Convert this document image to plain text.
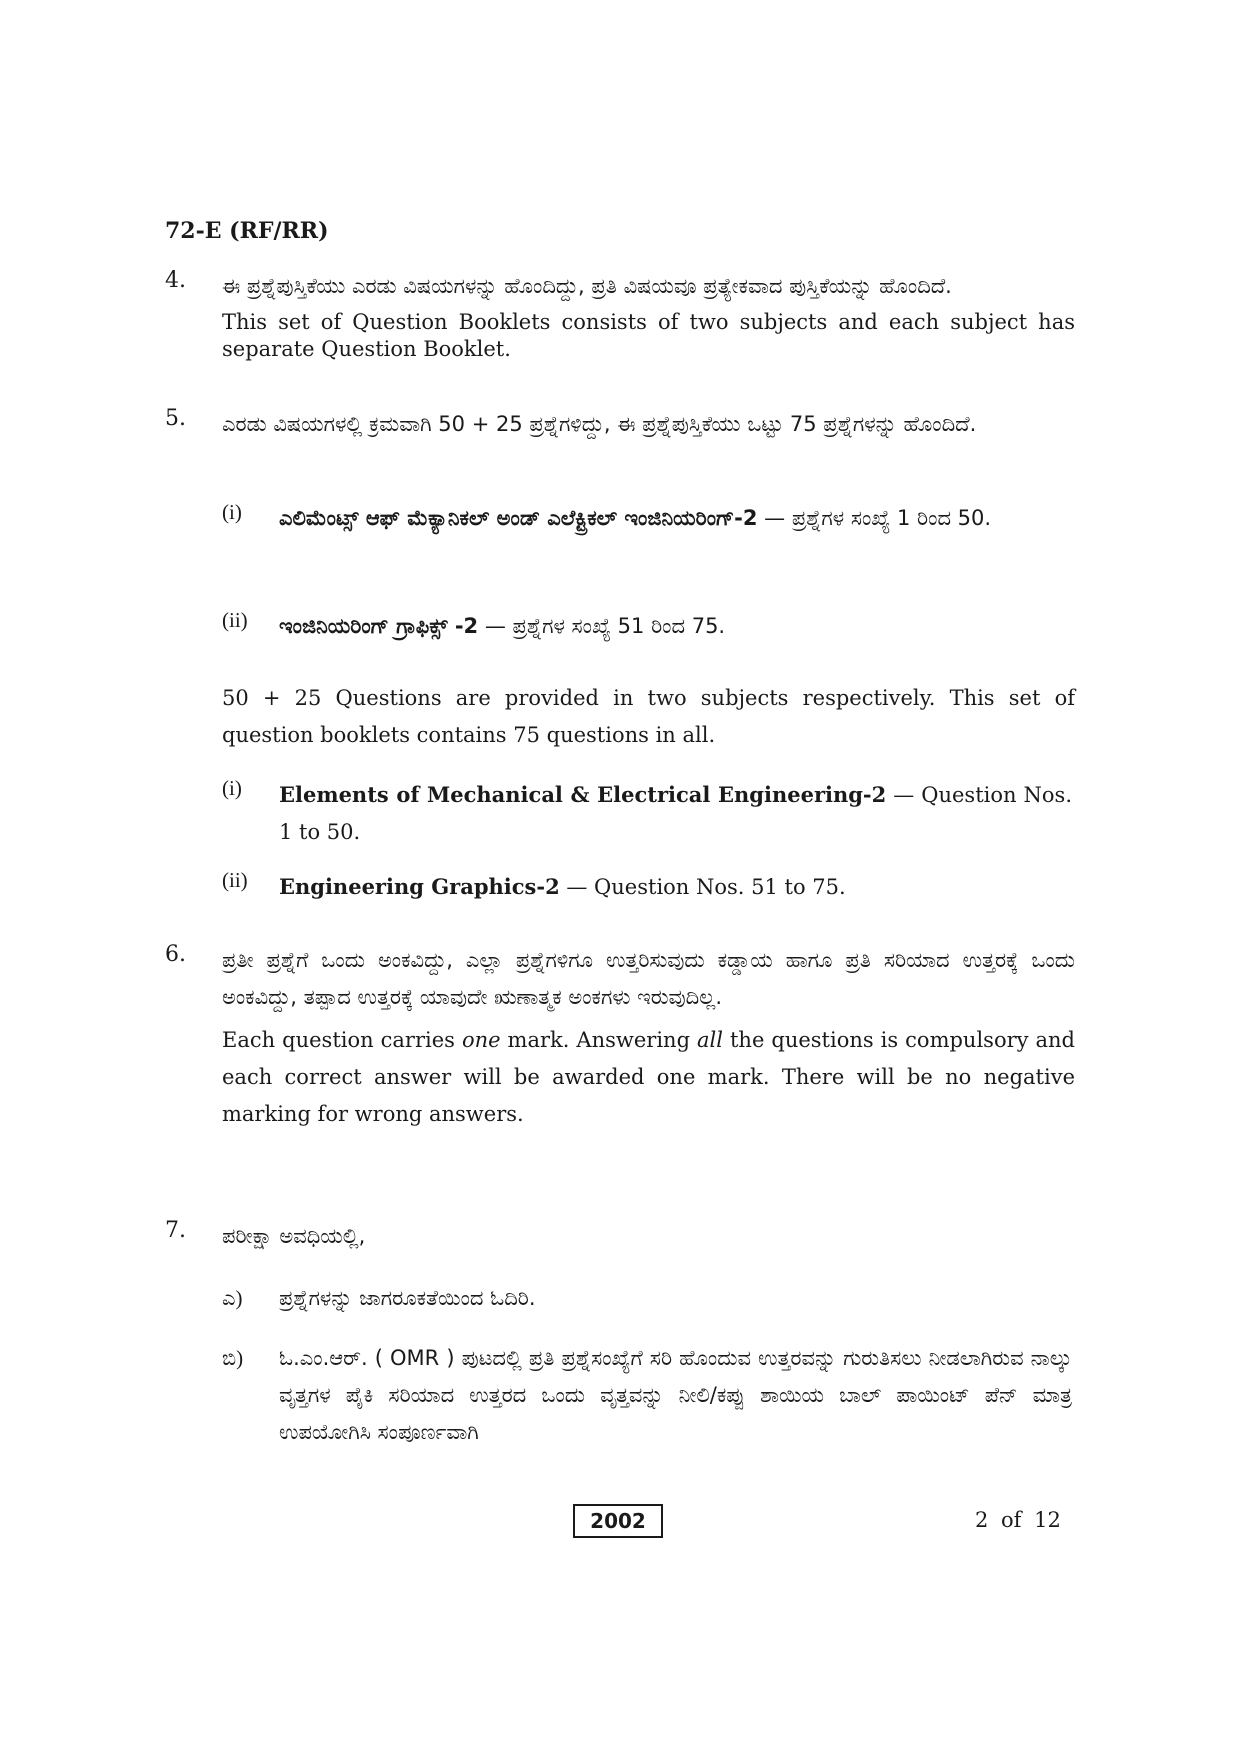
72-E (RF/RR)
4. ಈ ಪ್ರಶ್ನೆಪುಸ್ತಿಕೆಯು ಎರಡು ವಿಷಯಗಳನ್ನು ಹೊಂದಿದ್ದು, ಪ್ರತಿ ವಿಷಯವೂ ಪ್ರತ್ಯೇಕವಾದ ಪುಸ್ತಿಕೆಯನ್ನು ಹೊಂದಿದೆ.
This set of Question Booklets consists of two subjects and each subject has separate Question Booklet.
5. ಎರಡು ವಿಷಯಗಳಲ್ಲಿ ಕ್ರಮವಾಗಿ 50 + 25 ಪ್ರಶ್ನೆಗಳಿದ್ದು, ಈ ಪ್ರಶ್ನೆಪುಸ್ತಿಕೆಯು ಒಟ್ಟು 75 ಪ್ರಶ್ನೆಗಳನ್ನು ಹೊಂದಿದೆ.
(i) ಎಲಿಮೆಂಟ್ಸ್ ಆಫ್ ಮೆಕ್ಯಾನಿಕಲ್ ಅಂಡ್ ಎಲೆಕ್ಟ್ರಿಕಲ್ ಇಂಜಿನಿಯರಿಂಗ್-2 — ಪ್ರಶ್ನೆಗಳ ಸಂಖ್ಯೆ 1 ರಿಂದ 50.
(ii) ಇಂಜಿನಿಯರಿಂಗ್ ಗ್ರಾಫಿಕ್ಸ್ -2 — ಪ್ರಶ್ನೆಗಳ ಸಂಖ್ಯೆ 51 ರಿಂದ 75.
50 + 25 Questions are provided in two subjects respectively. This set of question booklets contains 75 questions in all.
(i) Elements of Mechanical & Electrical Engineering-2 — Question Nos. 1 to 50.
(ii) Engineering Graphics-2 — Question Nos. 51 to 75.
6. ಪ್ರತೀ ಪ್ರಶ್ನೆಗೆ ಒಂದು ಅಂಕವಿದ್ದು, ಎಲ್ಲಾ ಪ್ರಶ್ನೆಗಳಿಗೂ ಉತ್ತರಿಸುವುದು ಕಡ್ಡಾಯ ಹಾಗೂ ಪ್ರತಿ ಸರಿಯಾದ ಉತ್ತರಕ್ಕೆ ಒಂದು ಅಂಕವಿದ್ದು, ತಪ್ಪಾದ ಉತ್ತರಕ್ಕೆ ಯಾವುದೇ ಋಣಾತ್ಮಕ ಅಂಕಗಳು ಇರುವುದಿಲ್ಲ.
Each question carries one mark. Answering all the questions is compulsory and each correct answer will be awarded one mark. There will be no negative marking for wrong answers.
7. ಪರೀಕ್ಷಾ ಅವಧಿಯಲ್ಲಿ,
ಎ) ಪ್ರಶ್ನೆಗಳನ್ನು ಜಾಗರೂಕತೆಯಿಂದ ಓದಿರಿ.
ಬಿ) ಓ.ಎಂ.ಆರ್. ( OMR ) ಪುಟದಲ್ಲಿ ಪ್ರತಿ ಪ್ರಶ್ನೆಸಂಖ್ಯೆಗೆ ಸರಿ ಹೊಂದುವ ಉತ್ತರವನ್ನು ಗುರುತಿಸಲು ನೀಡಲಾಗಿರುವ ನಾಲ್ಕು ವೃತ್ತಗಳ ಪೈಕಿ ಸರಿಯಾದ ಉತ್ತರದ ಒಂದು ವೃತ್ತವನ್ನು ನೀಲಿ/ಕಪ್ಪು ಶಾಯಿಯ ಬಾಲ್ ಪಾಯಿಂಟ್ ಪೆನ್ ಮಾತ್ರ ಉಪಯೋಗಿಸಿ ಸಂಪೂರ್ಣವಾಗಿ
2002	2 of 12
